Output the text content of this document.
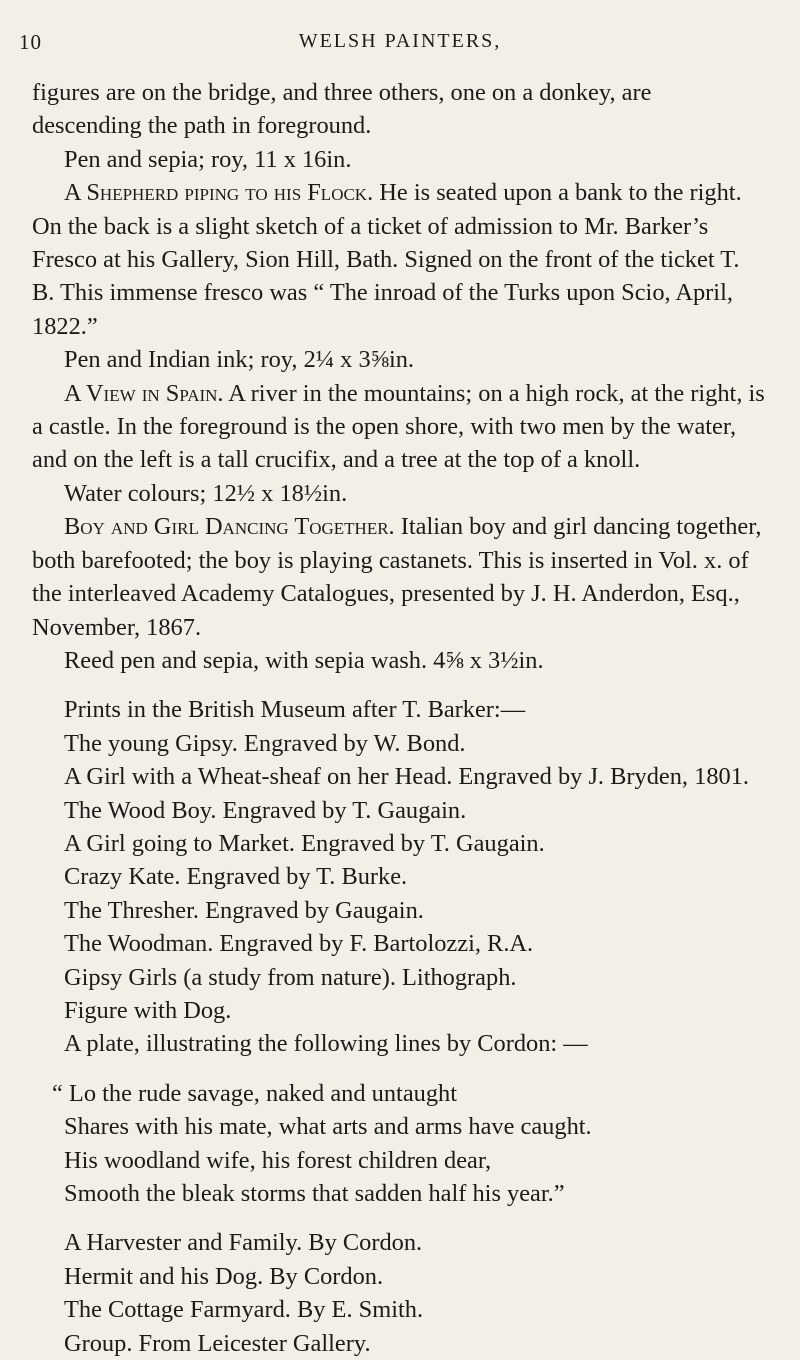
10	WELSH PAINTERS,

figures are on the bridge, and three others, one on a donkey, are descending the path in foreground.

Pen and sepia; roy, 11 x 16in.

A Shepherd piping to his Flock. He is seated upon a bank to the right. On the back is a slight sketch of a ticket of admission to Mr. Barker’s Fresco at his Gallery, Sion Hill, Bath. Signed on the front of the ticket T. B. This immense fresco was “ The inroad of the Turks upon Scio, April, 1822.”

Pen and Indian ink; roy, 2¼ x 3⅝in.

A View in Spain. A river in the mountains; on a high rock, at the right, is a castle. In the foreground is the open shore, with two men by the water, and on the left is a tall crucifix, and a tree at the top of a knoll.

Water colours; 12½ x 18½in.

Boy and Girl Dancing Together. Italian boy and girl dancing together, both barefooted; the boy is playing castanets. This is inserted in Vol. x. of the interleaved Academy Catalogues, presented by J. H. Anderdon, Esq., November, 1867.

Reed pen and sepia, with sepia wash. 4⅝ x 3½in.

Prints in the British Museum after T. Barker:—

The young Gipsy. Engraved by W. Bond.

A Girl with a Wheat-sheaf on her Head. Engraved by J. Bryden, 1801.

The Wood Boy. Engraved by T. Gaugain.

A Girl going to Market. Engraved by T. Gaugain.

Crazy Kate. Engraved by T. Burke.

The Thresher. Engraved by Gaugain.

The Woodman. Engraved by F. Bartolozzi, R.A.

Gipsy Girls (a study from nature). Lithograph.

Figure with Dog.

A plate, illustrating the following lines by Cordon: —

“ Lo the rude savage, naked and untaught

Shares with his mate, what arts and arms have caught.

His woodland wife, his forest children dear,

Smooth the bleak storms that sadden half his year.”

A Harvester and Family. By Cordon.

Hermit and his Dog. By Cordon.

The Cottage Farmyard. By E. Smith.

Group. From Leicester Gallery.
